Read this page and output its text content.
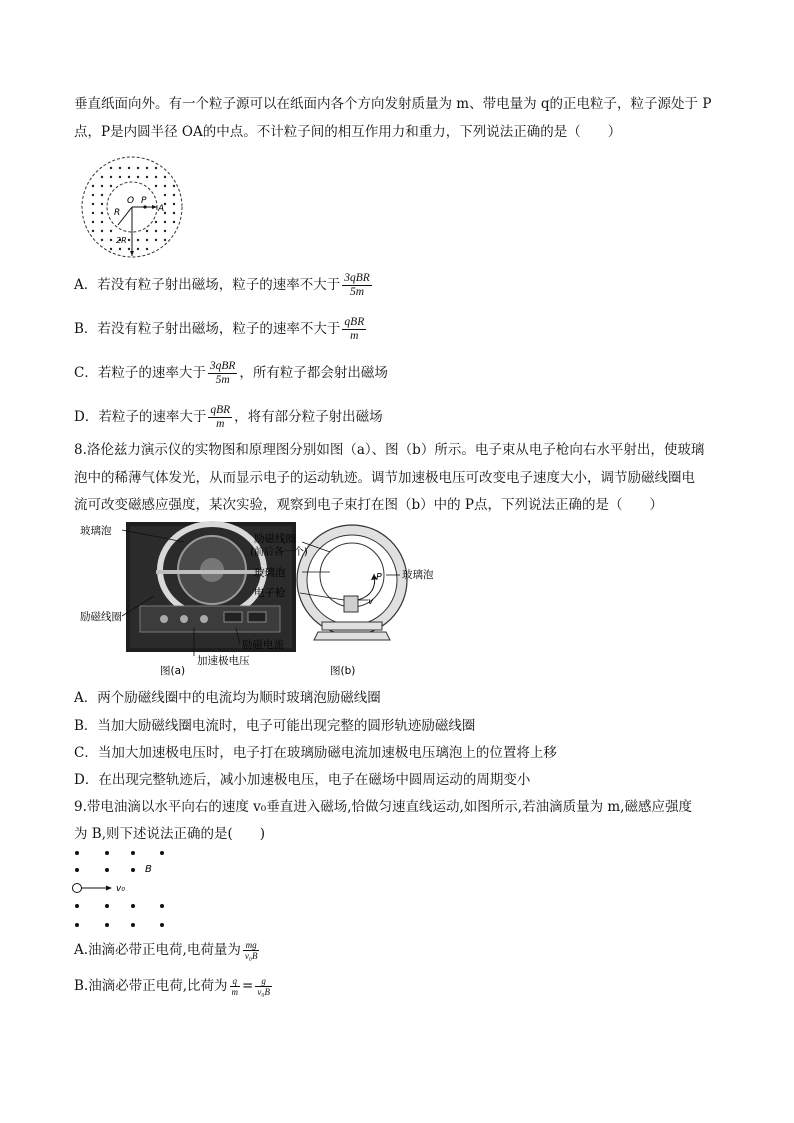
垂直纸面向外。有一个粒子源可以在纸面内各个方向发射质量为 m、带电量为 q的正电粒子，粒子源处于 P
点，P是内圆半径 OA的中点。不计粒子间的相互作用力和重力，下列说法正确的是（　　）
R
O P
A
2R
A．若没有粒子射出磁场，粒子的速率不大于 $\frac{\text{3qBR}}{5m}$
B．若没有粒子射出磁场，粒子的速率不大于 $\frac{\text{qBR}}{m}$
C．若粒子的速率大于 $\frac{\text{3qBR}}{5m}$ ，所有粒子都会射出磁场
D．若粒子的速率大于 $\frac{\text{qBR}}{m}$ ，将有部分粒子射出磁场
8.洛伦兹力演示仪的实物图和原理图分别如图（a）、图（b）所示。电子束从电子枪向右水平射出，使玻璃
泡中的稀薄气体发光，从而显示电子的运动轨迹。调节加速极电压可改变电子速度大小，调节励磁线圈电
流可改变磁感应强度，某次实验，观察到电子束打在图（b）中的 P点，下列说法正确的是（　　）
玻璃泡
励磁线圈
励磁电流
加速极电压
图(a)
励磁线圈
(前后各一个)
玻璃泡
电子枪
玻璃泡
P
v
图(b)
A．两个励磁线圈中的电流均为顺时玻璃泡励磁线圈
B．当加大励磁线圈电流时，电子可能出现完整的圆形轨迹励磁线圈
C．当加大加速极电压时，电子打在玻璃励磁电流加速极电压璃泡上的位置将上移
D．在出现完整轨迹后，减小加速极电压，电子在磁场中圆周运动的周期变小
9.带电油滴以水平向右的速度 v₀垂直进入磁场,恰做匀速直线运动,如图所示,若油滴质量为 m,磁感应强度
为 B,则下述说法正确的是(　　)
B
v₀
A.油滴必带正电荷,电荷量为 $\frac{mg}{\text{v₀B}}$
B.油滴必带正电荷,比荷为 $\frac{q}{m} = \frac{g}{\text{v₀B}}$
